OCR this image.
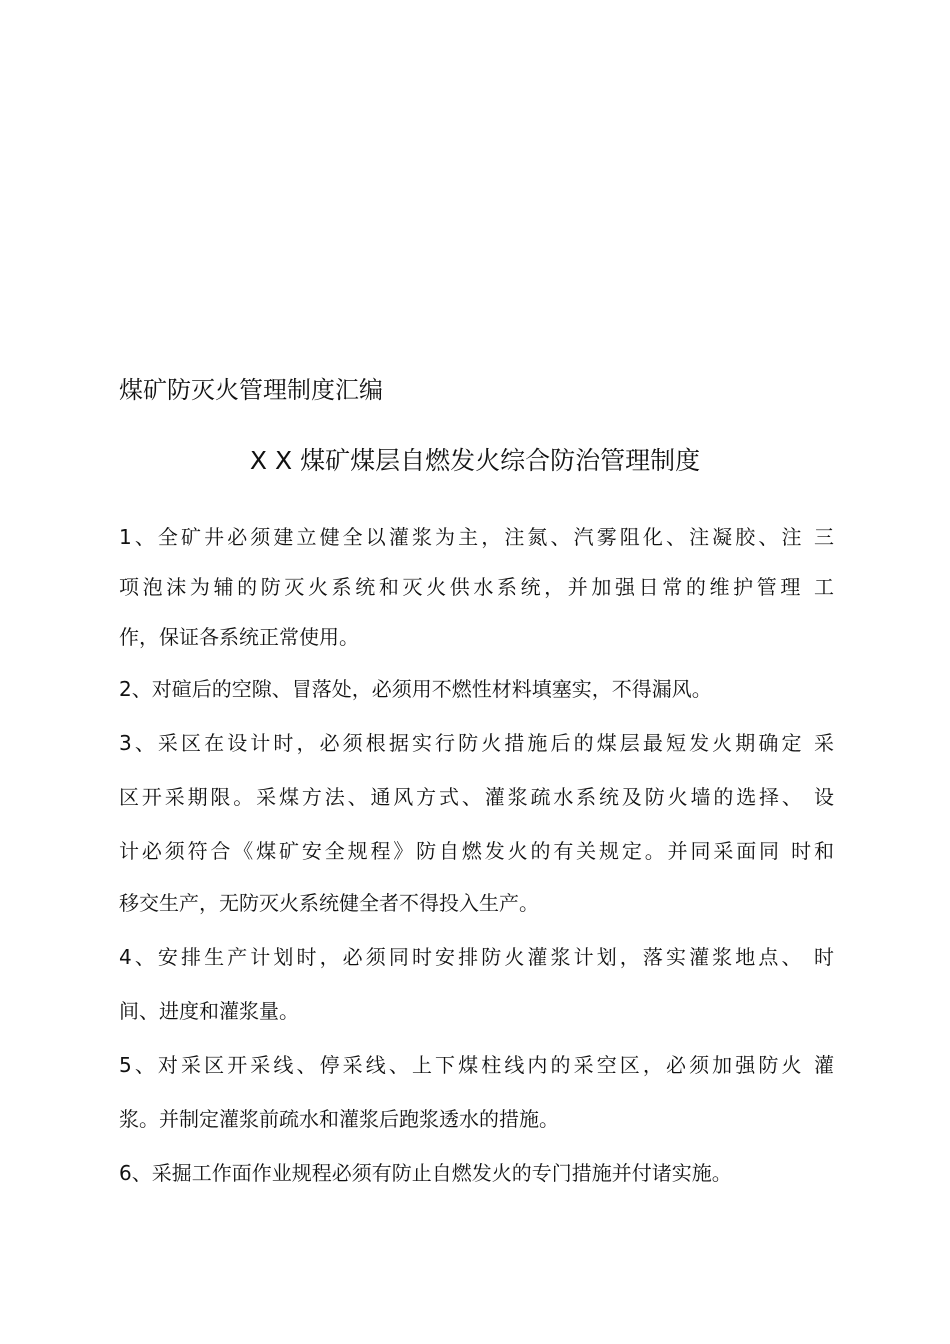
煤矿防灭火管理制度汇编
X X 煤矿煤层自燃发火综合防治管理制度
1、全矿井必须建立健全以灌浆为主，注氮、汽雾阻化、注凝胶、注 三
项泡沫为辅的防灭火系统和灭火供水系统，并加强日常的维护管理 工
作，保证各系统正常使用。
2、对碹后的空隙、冒落处，必须用不燃性材料填塞实，不得漏风。
3、采区在设计时，必须根据实行防火措施后的煤层最短发火期确定 采
区开采期限。采煤方法、通风方式、灌浆疏水系统及防火墙的选择、 设
计必须符合《煤矿安全规程》防自燃发火的有关规定。并同采面同 时和
移交生产，无防灭火系统健全者不得投入生产。
4、安排生产计划时，必须同时安排防火灌浆计划，落实灌浆地点、 时
间、进度和灌浆量。
5、对采区开采线、停采线、上下煤柱线内的采空区，必须加强防火 灌
浆。并制定灌浆前疏水和灌浆后跑浆透水的措施。
6、采掘工作面作业规程必须有防止自燃发火的专门措施并付诸实施。
